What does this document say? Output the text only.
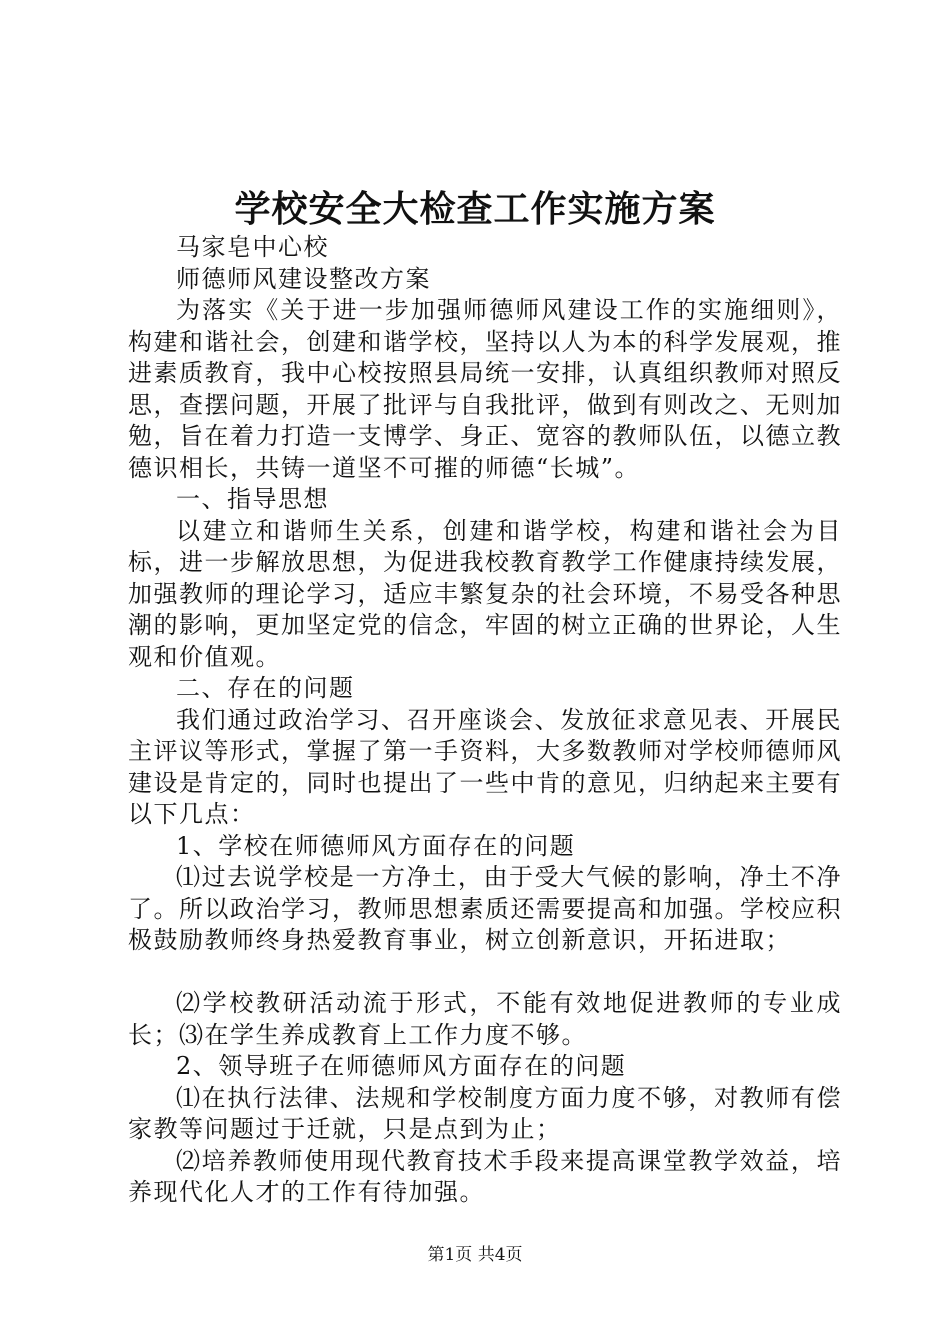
学校安全大检查工作实施方案

马家皂中心校

师德师风建设整改方案

为落实《关于进一步加强师德师风建设工作的实施细则》，构建和谐社会，创建和谐学校，坚持以人为本的科学发展观，推进素质教育，我中心校按照县局统一安排，认真组织教师对照反思，查摆问题，开展了批评与自我批评，做到有则改之、无则加勉，旨在着力打造一支博学、身正、宽容的教师队伍，以德立教德识相长，共铸一道坚不可摧的师德“长城”。

一、指导思想

以建立和谐师生关系，创建和谐学校，构建和谐社会为目标，进一步解放思想，为促进我校教育教学工作健康持续发展，加强教师的理论学习，适应丰繁复杂的社会环境，不易受各种思潮的影响，更加坚定党的信念，牢固的树立正确的世界论，人生观和价值观。

二、存在的问题

我们通过政治学习、召开座谈会、发放征求意见表、开展民主评议等形式，掌握了第一手资料，大多数教师对学校师德师风建设是肯定的，同时也提出了一些中肯的意见，归纳起来主要有以下几点：

1、学校在师德师风方面存在的问题

⑴过去说学校是一方净土，由于受大气候的影响，净土不净了。所以政治学习，教师思想素质还需要提高和加强。学校应积极鼓励教师终身热爱教育事业，树立创新意识，开拓进取；

⑵学校教研活动流于形式，不能有效地促进教师的专业成长；⑶在学生养成教育上工作力度不够。

2、领导班子在师德师风方面存在的问题

⑴在执行法律、法规和学校制度方面力度不够，对教师有偿家教等问题过于迁就，只是点到为止；

⑵培养教师使用现代教育技术手段来提高课堂教学效益，培养现代化人才的工作有待加强。

第1页 共4页
